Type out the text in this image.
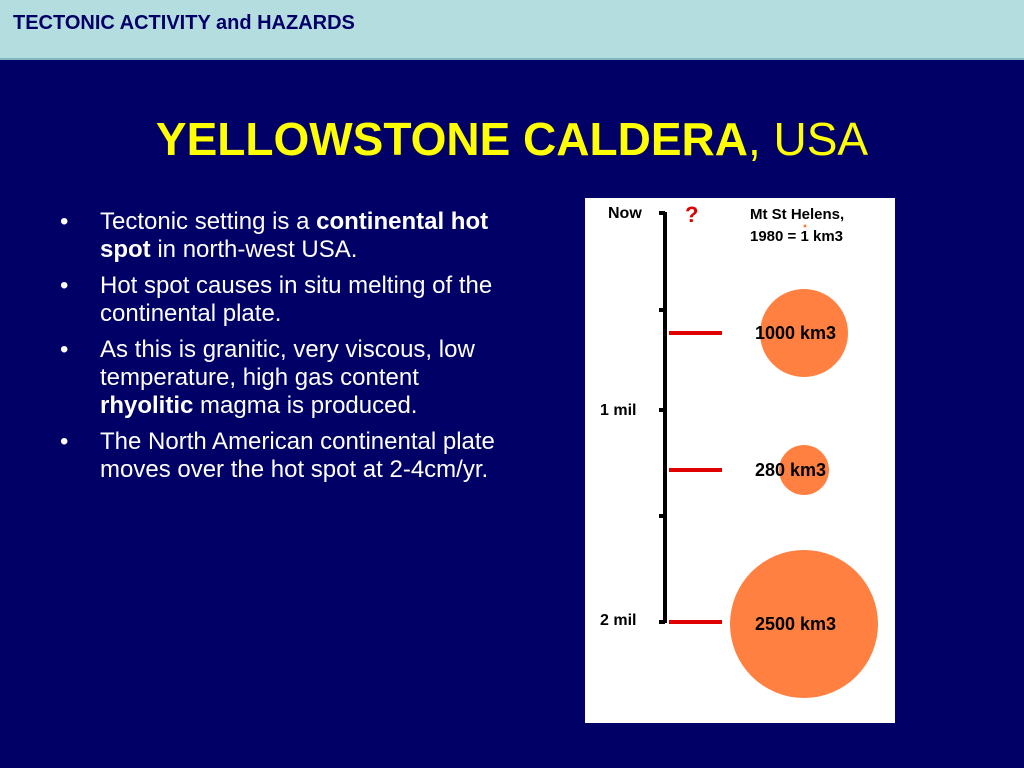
TECTONIC ACTIVITY and HAZARDS
YELLOWSTONE CALDERA, USA
• Tectonic setting is a continental hot spot in north-west USA.
• Hot spot causes in situ melting of the continental plate.
• As this is granitic, very viscous, low temperature, high gas content rhyolitic magma is produced.
• The North American continental plate moves over the hot spot at 2-4cm/yr.
Now
1 mil
2 mil
?	Mt St Helens,
1980 = 1 km3
1000 km3
280 km3
2500 km3
